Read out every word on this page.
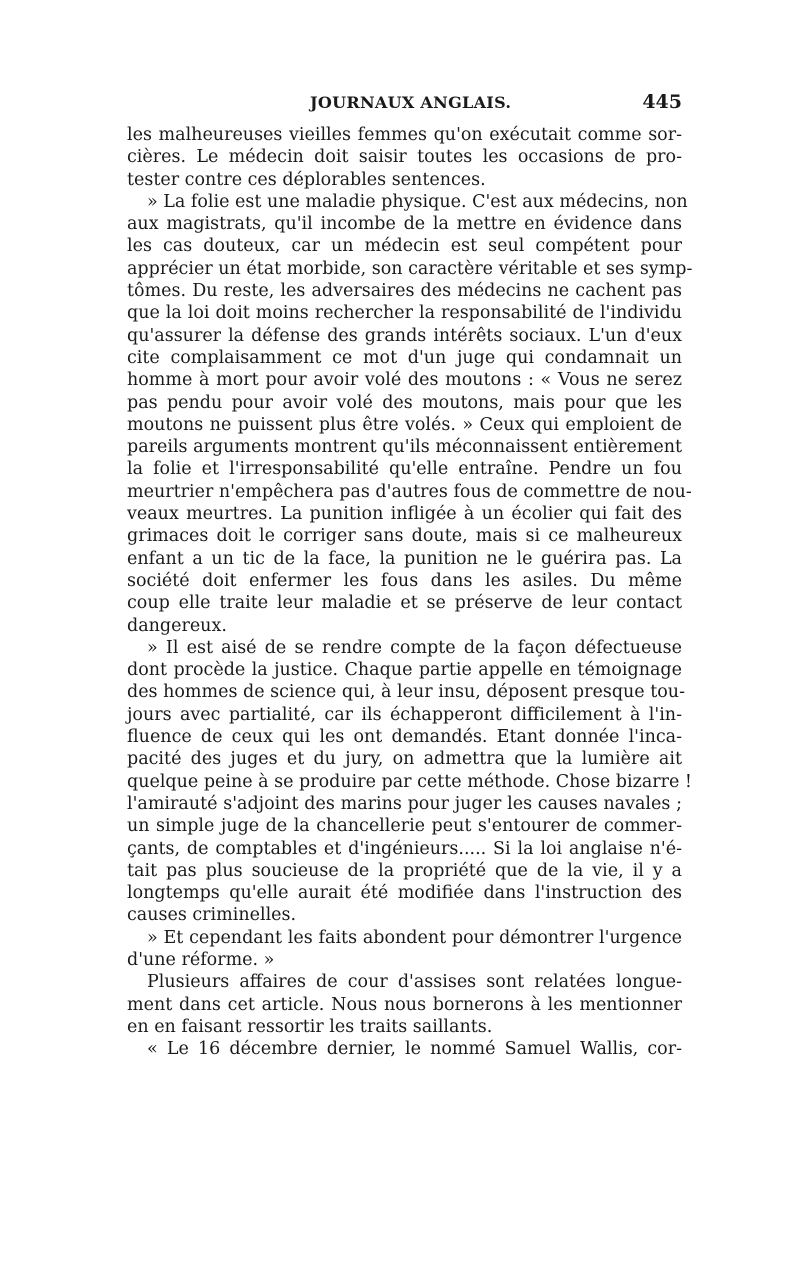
JOURNAUX ANGLAIS.	445
les malheureuses vieilles femmes qu'on exécutait comme sor-
cières. Le médecin doit saisir toutes les occasions de pro-
tester contre ces déplorables sentences.
» La folie est une maladie physique. C'est aux médecins, non
aux magistrats, qu'il incombe de la mettre en évidence dans
les cas douteux, car un médecin est seul compétent pour
apprécier un état morbide, son caractère véritable et ses symp-
tômes. Du reste, les adversaires des médecins ne cachent pas
que la loi doit moins rechercher la responsabilité de l'individu
qu'assurer la défense des grands intérêts sociaux. L'un d'eux
cite complaisamment ce mot d'un juge qui condamnait un
homme à mort pour avoir volé des moutons : « Vous ne serez
pas pendu pour avoir volé des moutons, mais pour que les
moutons ne puissent plus être volés. » Ceux qui emploient de
pareils arguments montrent qu'ils méconnaissent entièrement
la folie et l'irresponsabilité qu'elle entraîne. Pendre un fou
meurtrier n'empêchera pas d'autres fous de commettre de nou-
veaux meurtres. La punition infligée à un écolier qui fait des
grimaces doit le corriger sans doute, mais si ce malheureux
enfant a un tic de la face, la punition ne le guérira pas. La
société doit enfermer les fous dans les asiles. Du même
coup elle traite leur maladie et se préserve de leur contact
dangereux.
» Il est aisé de se rendre compte de la façon défectueuse
dont procède la justice. Chaque partie appelle en témoignage
des hommes de science qui, à leur insu, déposent presque tou-
jours avec partialité, car ils échapperont difficilement à l'in-
fluence de ceux qui les ont demandés. Etant donnée l'inca-
pacité des juges et du jury, on admettra que la lumière ait
quelque peine à se produire par cette méthode. Chose bizarre !
l'amirauté s'adjoint des marins pour juger les causes navales ;
un simple juge de la chancellerie peut s'entourer de commer-
çants, de comptables et d'ingénieurs..... Si la loi anglaise n'é-
tait pas plus soucieuse de la propriété que de la vie, il y a
longtemps qu'elle aurait été modifiée dans l'instruction des
causes criminelles.
» Et cependant les faits abondent pour démontrer l'urgence
d'une réforme. »
Plusieurs affaires de cour d'assises sont relatées longue-
ment dans cet article. Nous nous bornerons à les mentionner
en en faisant ressortir les traits saillants.
« Le 16 décembre dernier, le nommé Samuel Wallis, cor-
